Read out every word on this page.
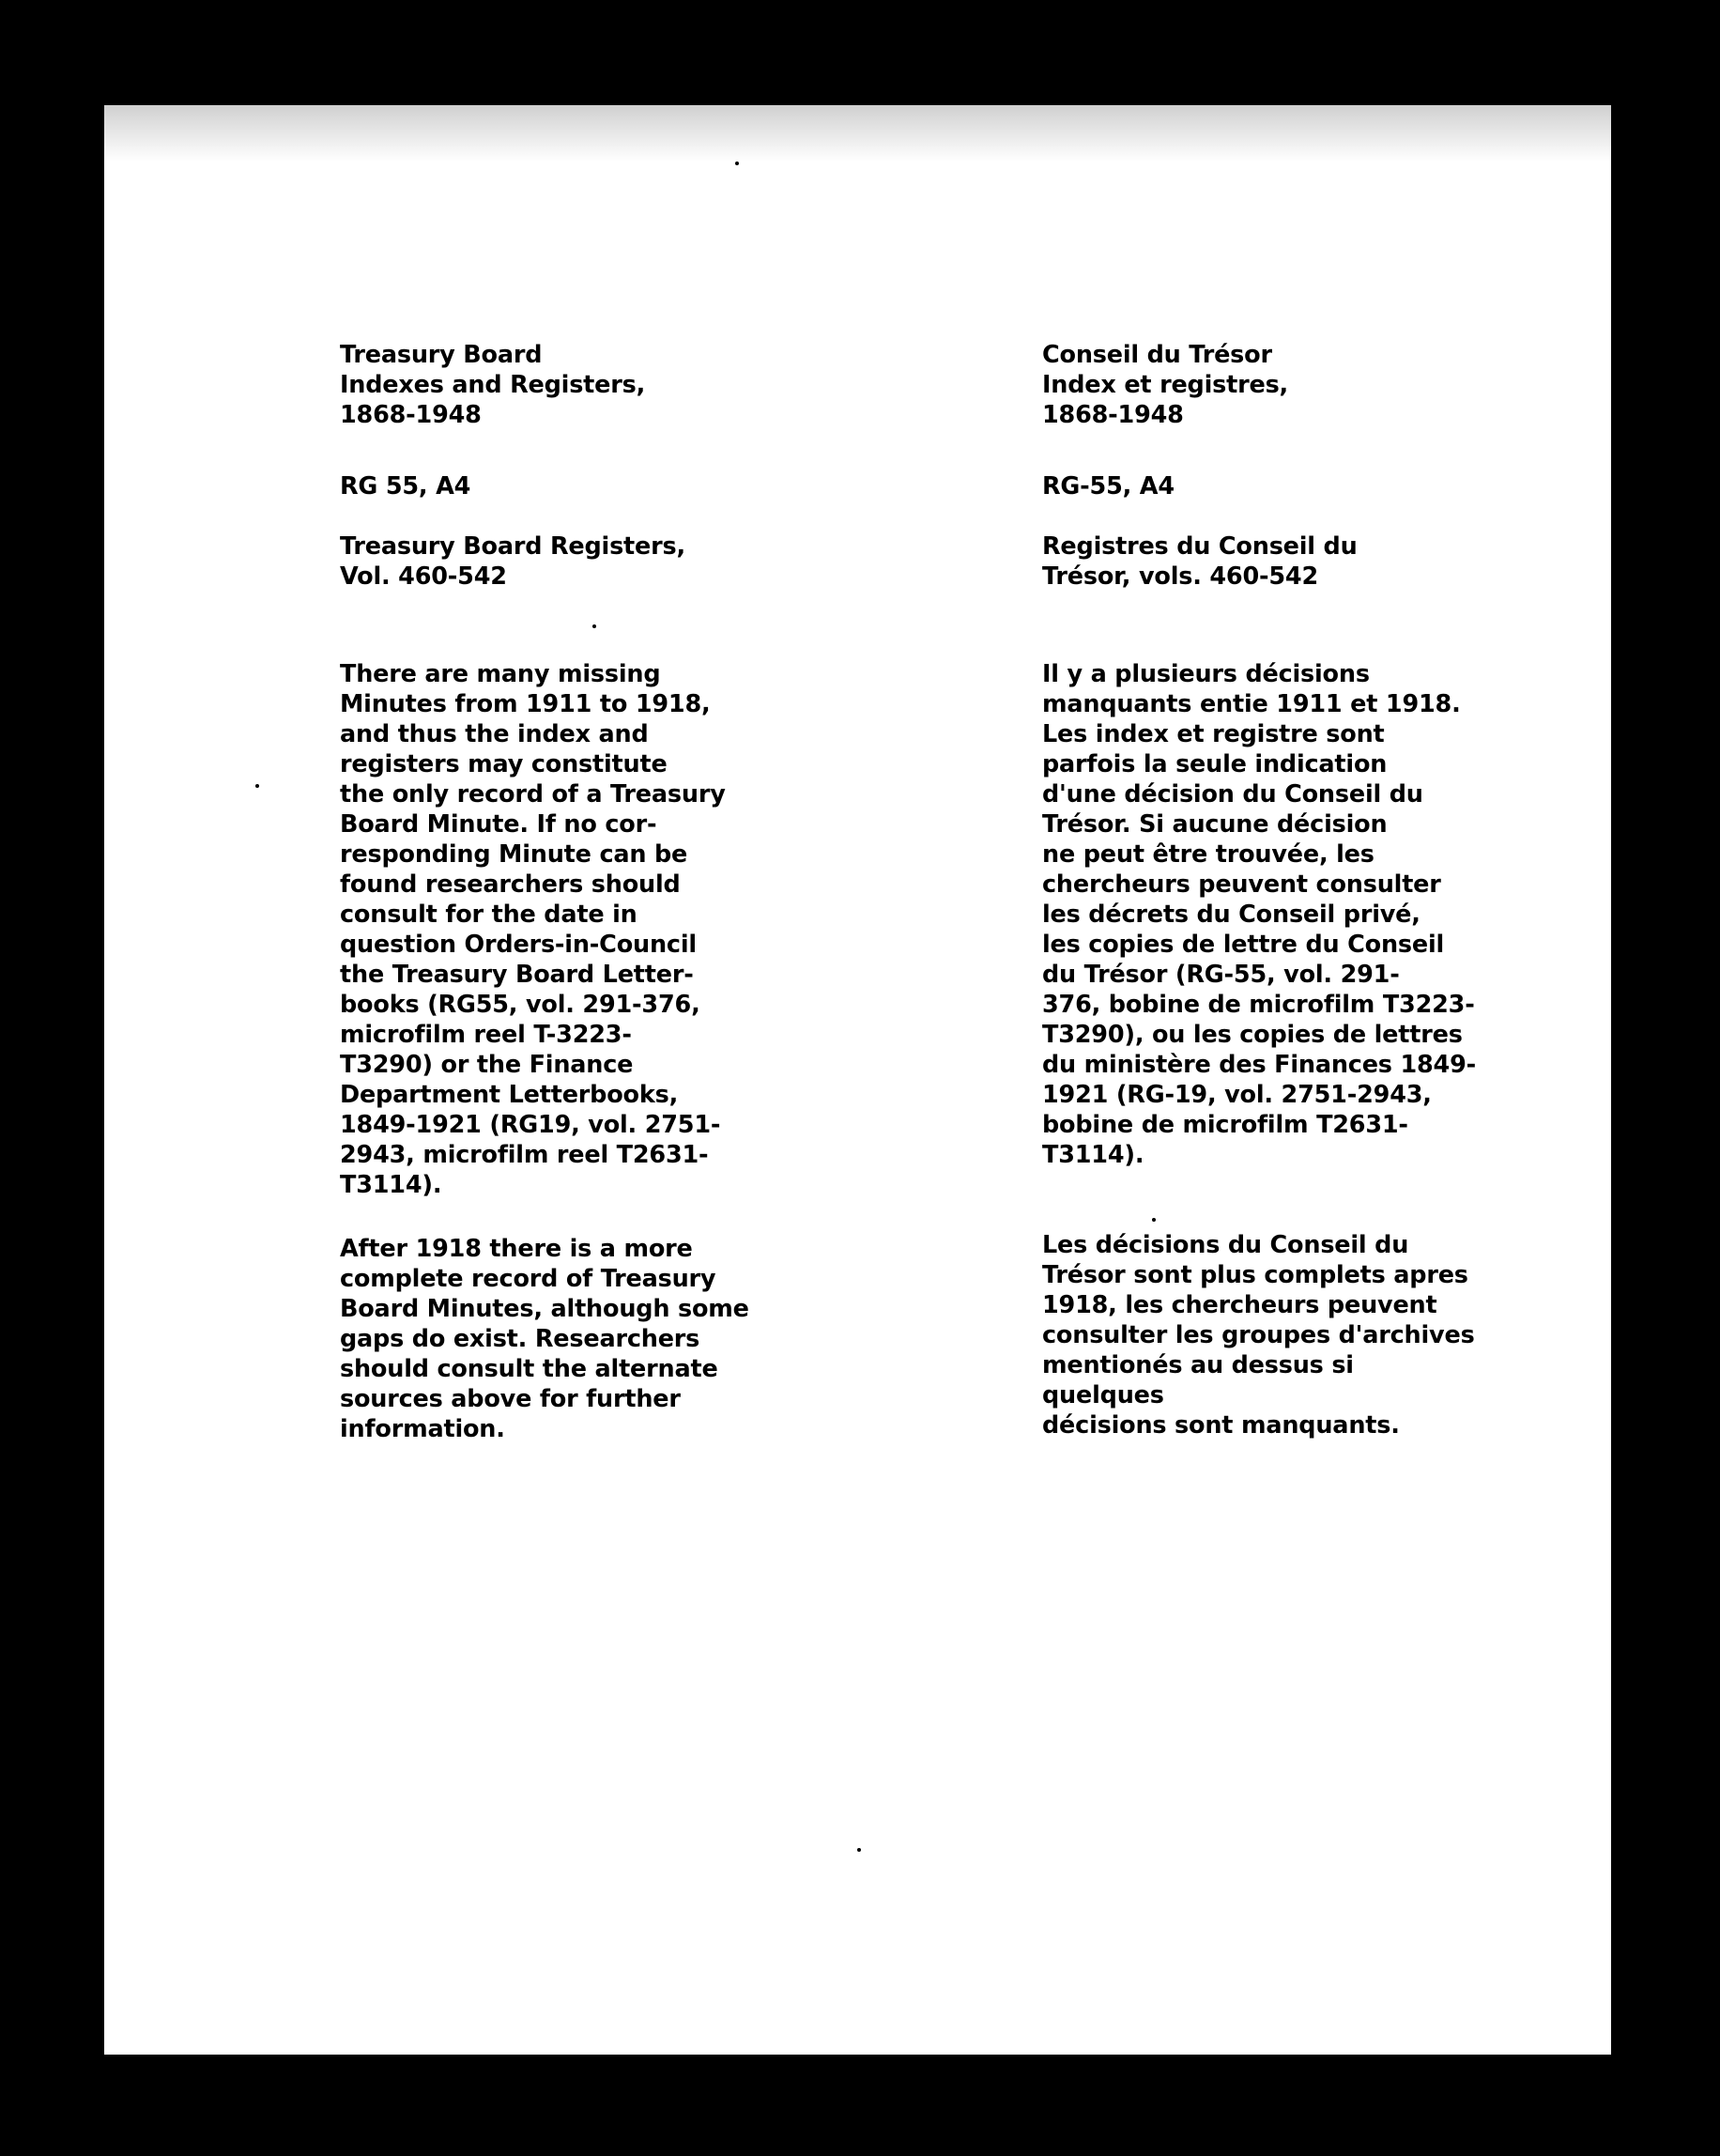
Treasury Board
Indexes and Registers,
1868-1948

RG 55, A4

Treasury Board Registers,
Vol. 460-542

There are many missing
Minutes from 1911 to 1918,
and thus the index and
registers may constitute
the only record of a Treasury
Board Minute. If no cor-
responding Minute can be
found researchers should
consult for the date in
question Orders-in-Council
the Treasury Board Letter-
books (RG55, vol. 291-376,
microfilm reel T-3223-
T3290) or the Finance
Department Letterbooks,
1849-1921 (RG19, vol. 2751-
2943, microfilm reel T2631-
T3114).

After 1918 there is a more
complete record of Treasury
Board Minutes, although some
gaps do exist. Researchers
should consult the alternate
sources above for further
information.

Conseil du Trésor
Index et registres,
1868-1948

RG-55, A4

Registres du Conseil du
Trésor, vols. 460-542

Il y a plusieurs décisions
manquants entie 1911 et 1918.
Les index et registre sont
parfois la seule indication
d'une décision du Conseil du
Trésor. Si aucune décision
ne peut être trouvée, les
chercheurs peuvent consulter
les décrets du Conseil privé,
les copies de lettre du Conseil
du Trésor (RG-55, vol. 291-
376, bobine de microfilm T3223-
T3290), ou les copies de lettres
du ministère des Finances 1849-
1921 (RG-19, vol. 2751-2943,
bobine de microfilm T2631-
T3114).

Les décisions du Conseil du
Trésor sont plus complets apres
1918, les chercheurs peuvent
consulter les groupes d'archives
mentionés au dessus si quelques
décisions sont manquants.
